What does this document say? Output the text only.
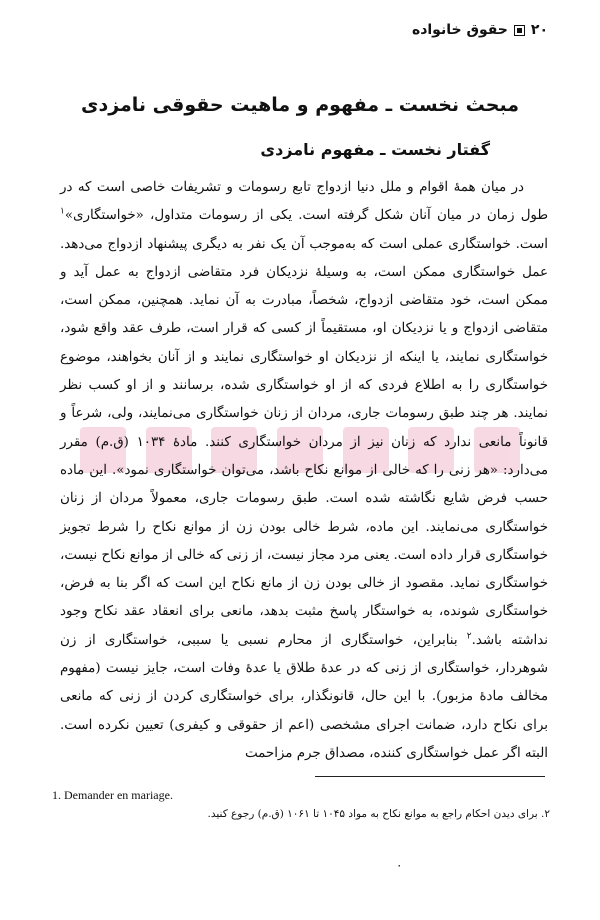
۲۰
حقوق خانواده
مبحث نخست ـ مفهوم و ماهیت حقوقی نامزدی
گفتار نخست ـ مفهوم نامزدی

در میان همهٔ اقوام و ملل دنیا ازدواج تابع رسومات و تشریفات خاصی است که در طول زمان در میان آنان شکل گرفته است. یکی از رسومات متداول، «خواستگاری»$^۱$ است. خواستگاری عملی است که به‌موجب آن یک نفر به دیگری پیشنهاد ازدواج می‌دهد. عمل خواستگاری ممکن است، به وسیلهٔ نزدیکان فرد متقاضی ازدواج به عمل آید و ممکن است، خود متقاضی ازدواج، شخصاً، مبادرت به آن نماید. همچنین، ممکن است، متقاضی ازدواج و یا نزدیکان او، مستقیماً از کسی که قرار است، طرف عقد واقع شود، خواستگاری نمایند، یا اینکه از نزدیکان او خواستگاری نمایند و از آنان بخواهند، موضوع خواستگاری را به اطلاع فردی که از او خواستگاری شده، برسانند و از او کسب نظر نمایند. هر چند طبق رسومات جاری، مردان از زنان خواستگاری می‌نمایند، ولی، شرعاً و قانوناً مانعی ندارد که زنان نیز از مردان خواستگاری کنند. مادهٔ ۱۰۳۴ (ق.م) مقرر می‌دارد: «هر زنی را که خالی از موانع نکاح باشد، می‌توان خواستگاری نمود». این ماده حسب فرض شایع نگاشته شده است. طبق رسومات جاری، معمولاً مردان از زنان خواستگاری می‌نمایند. این ماده، شرط خالی بودن زن از موانع نکاح را شرط تجویز خواستگاری قرار داده است. یعنی مرد مجاز نیست، از زنی که خالی از موانع نکاح نیست، خواستگاری نماید. مقصود از خالی بودن زن از مانع نکاح این است که اگر بنا به فرض، خواستگاری شونده، به خواستگار پاسخ مثبت بدهد، مانعی برای انعقاد عقد نکاح وجود نداشته باشد.$^۲$ بنابراین، خواستگاری از محارم نسبی یا سببی، خواستگاری از زن شوهردار، خواستگاری از زنی که در عدهٔ طلاق یا عدهٔ وفات است، جایز نیست (مفهوم مخالف مادهٔ مزبور). با این حال، قانونگذار، برای خواستگاری کردن از زنی که مانعی برای نکاح دارد، ضمانت اجرای مشخصی (اعم از حقوقی و کیفری) تعیین نکرده است. البته اگر عمل خواستگاری کننده، مصداق جرم مزاحمت

1. Demander en mariage.
۲. برای دیدن احکام راجع به موانع نکاح به مواد ۱۰۴۵ تا ۱۰۶۱ (ق.م) رجوع کنید.
۰
